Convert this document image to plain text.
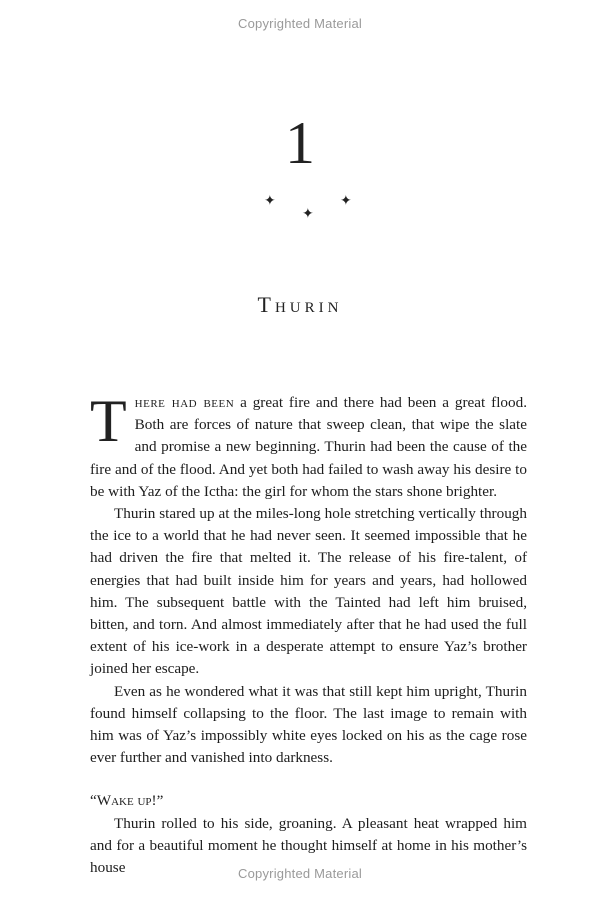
Copyrighted Material
1
✦
✦
✦
Thurin

There had been a great fire and there had been a great flood. Both are forces of nature that sweep clean, that wipe the slate and promise a new beginning. Thurin had been the cause of the fire and of the flood. And yet both had failed to wash away his desire to be with Yaz of the Ictha: the girl for whom the stars shone brighter.

Thurin stared up at the miles-long hole stretching vertically through the ice to a world that he had never seen. It seemed impossible that he had driven the fire that melted it. The release of his fire-talent, of energies that had built inside him for years and years, had hollowed him. The subsequent battle with the Tainted had left him bruised, bitten, and torn. And almost immediately after that he had used the full extent of his ice-work in a desperate attempt to ensure Yaz’s brother joined her escape.

Even as he wondered what it was that still kept him upright, Thurin found himself collapsing to the floor. The last image to remain with him was of Yaz’s impossibly white eyes locked on his as the cage rose ever further and vanished into darkness.

“Wake up!”

Thurin rolled to his side, groaning. A pleasant heat wrapped him and for a beautiful moment he thought himself at home in his mother’s house	Copyrighted Material
